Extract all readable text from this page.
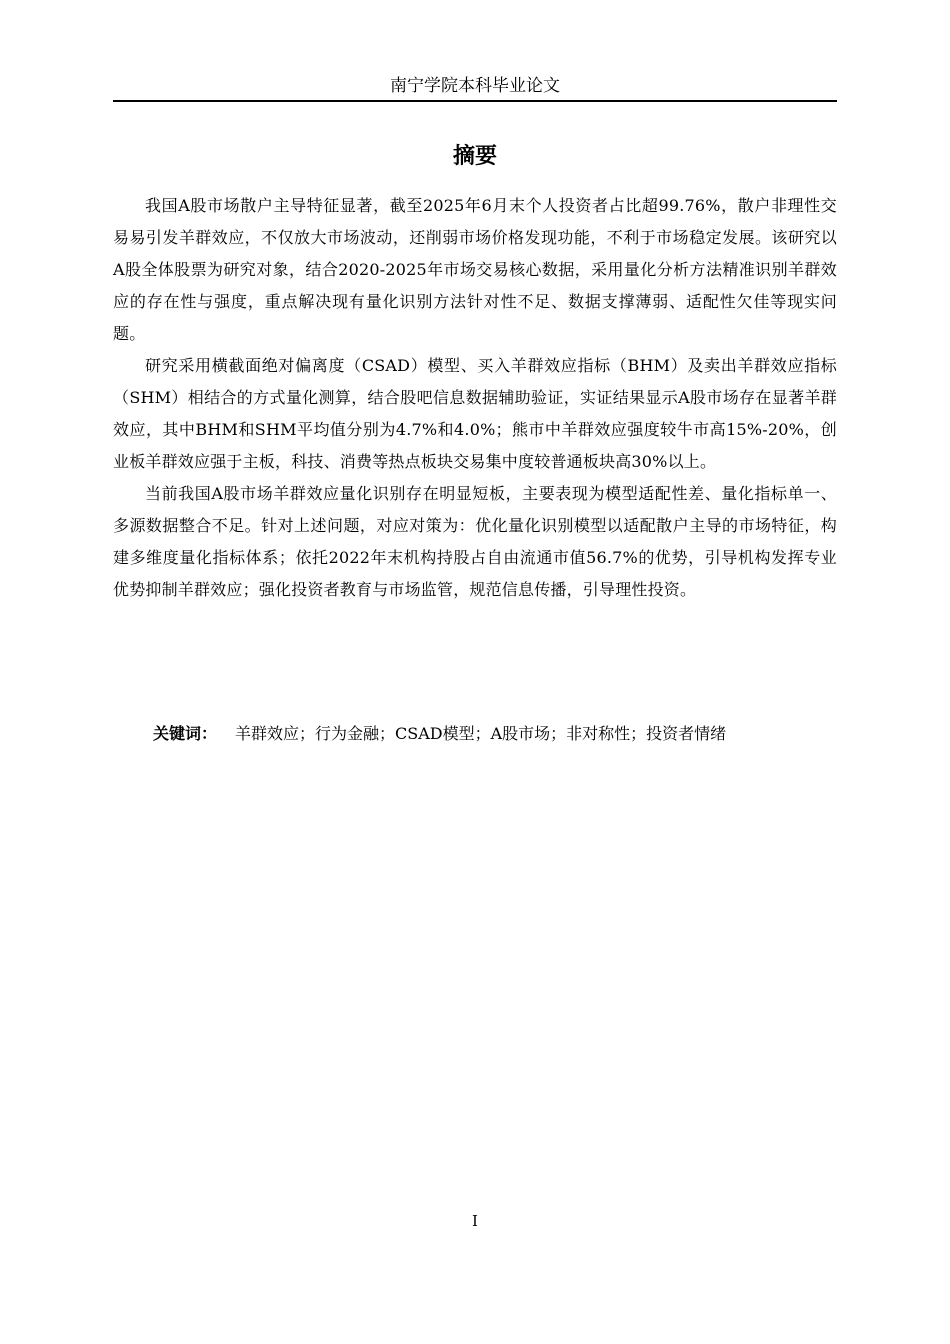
南宁学院本科毕业论文
摘要

我国A股市场散户主导特征显著，截至2025年6月末个人投资者占比超99.76%，散户非理性交易易引发羊群效应，不仅放大市场波动，还削弱市场价格发现功能，不利于市场稳定发展。该研究以A股全体股票为研究对象，结合2020-2025年市场交易核心数据，采用量化分析方法精准识别羊群效应的存在性与强度，重点解决现有量化识别方法针对性不足、数据支撑薄弱、适配性欠佳等现实问题。

研究采用横截面绝对偏离度（CSAD）模型、买入羊群效应指标（BHM）及卖出羊群效应指标（SHM）相结合的方式量化测算，结合股吧信息数据辅助验证，实证结果显示A股市场存在显著羊群效应，其中BHM和SHM平均值分别为4.7%和4.0%；熊市中羊群效应强度较牛市高15%-20%，创业板羊群效应强于主板，科技、消费等热点板块交易集中度较普通板块高30%以上。

当前我国A股市场羊群效应量化识别存在明显短板，主要表现为模型适配性差、量化指标单一、多源数据整合不足。针对上述问题，对应对策为：优化量化识别模型以适配散户主导的市场特征，构建多维度量化指标体系；依托2022年末机构持股占自由流通市值56.7%的优势，引导机构发挥专业优势抑制羊群效应；强化投资者教育与市场监管，规范信息传播，引导理性投资。

关键词： 羊群效应；行为金融；CSAD模型；A股市场；非对称性；投资者情绪
I
